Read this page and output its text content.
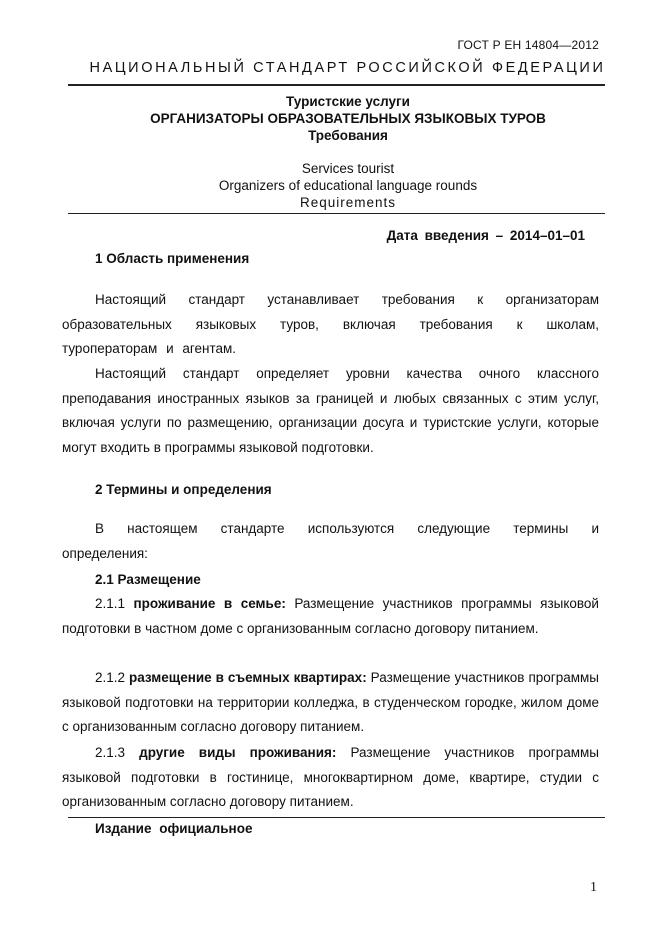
ГОСТ Р ЕН 14804—2012
НАЦИОНАЛЬНЫЙ СТАНДАРТ РОССИЙСКОЙ ФЕДЕРАЦИИ
Туристские услуги
ОРГАНИЗАТОРЫ ОБРАЗОВАТЕЛЬНЫХ ЯЗЫКОВЫХ ТУРОВ
Требования
Services tourist
Organizers of educational language rounds
Requirements
Дата введения – 2014–01–01
1 Область применения
Настоящий стандарт устанавливает требования к организаторам образовательных языковых туров, включая требования к школам, туроператорам и агентам.
Настоящий стандарт определяет уровни качества очного классного преподавания иностранных языков за границей и любых связанных с этим услуг, включая услуги по размещению, организации досуга и туристские услуги, которые могут входить в программы языковой подготовки.
2 Термины и определения
В настоящем стандарте используются следующие термины и определения:
2.1 Размещение
2.1.1 проживание в семье: Размещение участников программы языковой подготовки в частном доме с организованным согласно договору питанием.
2.1.2 размещение в съемных квартирах: Размещение участников программы языковой подготовки на территории колледжа, в студенческом городке, жилом доме с организованным согласно договору питанием.
2.1.3 другие виды проживания: Размещение участников программы языковой подготовки в гостинице, многоквартирном доме, квартире, студии с организованным согласно договору питанием.
Издание официальное
1
